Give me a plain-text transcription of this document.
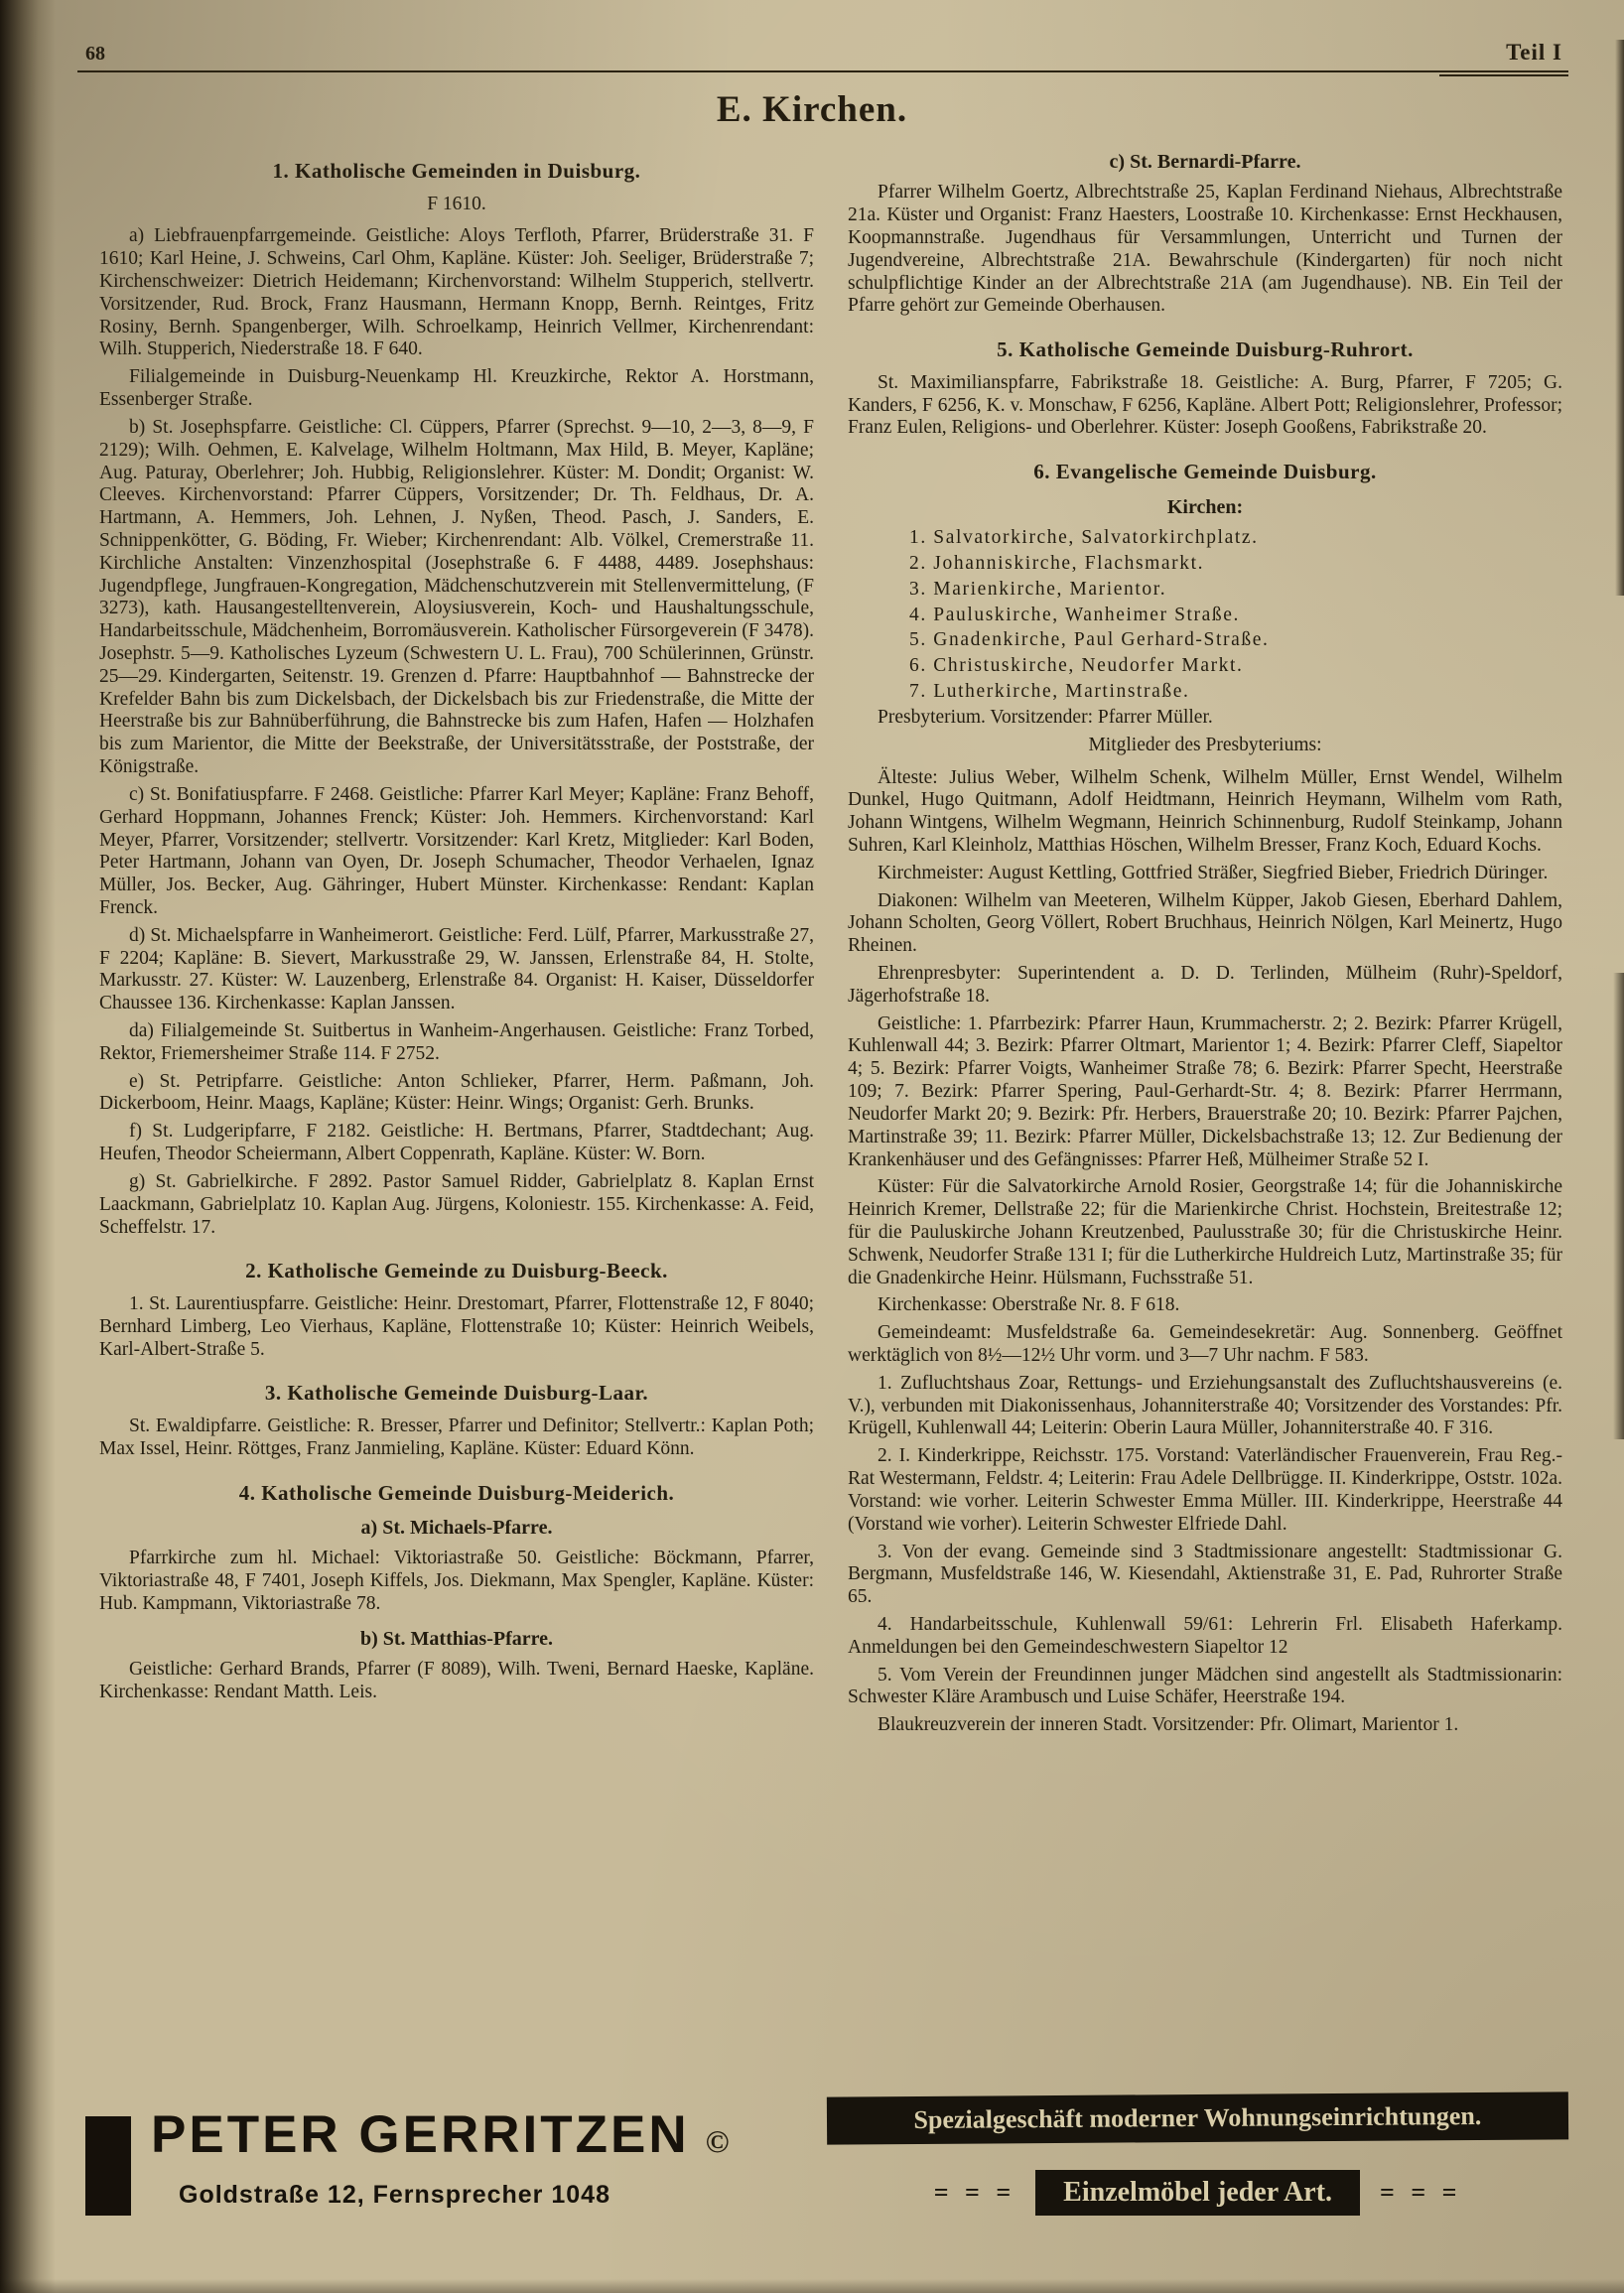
68	Teil I
E. Kirchen.
1. Katholische Gemeinden in Duisburg.
F 1610.
a) Liebfrauenpfarrgemeinde. Geistliche: Aloys Terfloth, Pfarrer, Brüderstraße 31. F 1610; Karl Heine, J. Schweins, Carl Ohm, Kapläne. Küster: Joh. Seeliger, Brüderstraße 7; Kirchenschweizer: Dietrich Heidemann; Kirchenvorstand: Wilhelm Stupperich, stellvertr. Vorsitzender, Rud. Brock, Franz Hausmann, Hermann Knopp, Bernh. Reintges, Fritz Rosiny, Bernh. Spangenberger, Wilh. Schroelkamp, Heinrich Vellmer, Kirchenrendant: Wilh. Stupperich, Niederstraße 18. F 640.
Filialgemeinde in Duisburg-Neuenkamp Hl. Kreuzkirche, Rektor A. Horstmann, Essenberger Straße.
b) St. Josephspfarre. Geistliche: Cl. Cüppers, Pfarrer (Sprechst. 9—10, 2—3, 8—9, F 2129); Wilh. Oehmen, E. Kalvelage, Wilhelm Holtmann, Max Hild, B. Meyer, Kapläne; Aug. Paturay, Oberlehrer; Joh. Hubbig, Religionslehrer. Küster: M. Dondit; Organist: W. Cleeves. Kirchenvorstand: Pfarrer Cüppers, Vorsitzender; Dr. Th. Feldhaus, Dr. A. Hartmann, A. Hemmers, Joh. Lehnen, J. Nyßen, Theod. Pasch, J. Sanders, E. Schnippenkötter, G. Böding, Fr. Wieber; Kirchenrendant: Alb. Völkel, Cremerstraße 11. Kirchliche Anstalten: Vinzenzhospital (Josephstraße 6. F 4488, 4489. Josephshaus: Jugendpflege, Jungfrauen-Kongregation, Mädchenschutzverein mit Stellenvermittelung, (F 3273), kath. Hausangestelltenverein, Aloysiusverein, Koch- und Haushaltungsschule, Handarbeitsschule, Mädchenheim, Borromäusverein. Katholischer Fürsorgeverein (F 3478). Josephstr. 5—9. Katholisches Lyzeum (Schwestern U. L. Frau), 700 Schülerinnen, Grünstr. 25—29. Kindergarten, Seitenstr. 19. Grenzen d. Pfarre: Hauptbahnhof — Bahnstrecke der Krefelder Bahn bis zum Dickelsbach, der Dickelsbach bis zur Friedenstraße, die Mitte der Heerstraße bis zur Bahnüberführung, die Bahnstrecke bis zum Hafen, Hafen — Holzhafen bis zum Marientor, die Mitte der Beekstraße, der Universitätsstraße, der Poststraße, der Königstraße.
c) St. Bonifatiuspfarre. F 2468. Geistliche: Pfarrer Karl Meyer; Kapläne: Franz Behoff, Gerhard Hoppmann, Johannes Frenck; Küster: Joh. Hemmers. Kirchenvorstand: Karl Meyer, Pfarrer, Vorsitzender; stellvertr. Vorsitzender: Karl Kretz, Mitglieder: Karl Boden, Peter Hartmann, Johann van Oyen, Dr. Joseph Schumacher, Theodor Verhaelen, Ignaz Müller, Jos. Becker, Aug. Gähringer, Hubert Münster. Kirchenkasse: Rendant: Kaplan Frenck.
d) St. Michaelspfarre in Wanheimerort. Geistliche: Ferd. Lülf, Pfarrer, Markusstraße 27, F 2204; Kapläne: B. Sievert, Markusstraße 29, W. Janssen, Erlenstraße 84, H. Stolte, Markusstr. 27. Küster: W. Lauzenberg, Erlenstraße 84. Organist: H. Kaiser, Düsseldorfer Chaussee 136. Kirchenkasse: Kaplan Janssen.
da) Filialgemeinde St. Suitbertus in Wanheim-Angerhausen. Geistliche: Franz Torbed, Rektor, Friemersheimer Straße 114. F 2752.
e) St. Petripfarre. Geistliche: Anton Schlieker, Pfarrer, Herm. Paßmann, Joh. Dickerboom, Heinr. Maags, Kapläne; Küster: Heinr. Wings; Organist: Gerh. Brunks.
f) St. Ludgeripfarre, F 2182. Geistliche: H. Bertmans, Pfarrer, Stadtdechant; Aug. Heufen, Theodor Scheiermann, Albert Coppenrath, Kapläne. Küster: W. Born.
g) St. Gabrielkirche. F 2892. Pastor Samuel Ridder, Gabrielplatz 8. Kaplan Ernst Laackmann, Gabrielplatz 10. Kaplan Aug. Jürgens, Koloniestr. 155. Kirchenkasse: A. Feid, Scheffelstr. 17.
2. Katholische Gemeinde zu Duisburg-Beeck.
1. St. Laurentiuspfarre. Geistliche: Heinr. Drestomart, Pfarrer, Flottenstraße 12, F 8040; Bernhard Limberg, Leo Vierhaus, Kapläne, Flottenstraße 10; Küster: Heinrich Weibels, Karl-Albert-Straße 5.
3. Katholische Gemeinde Duisburg-Laar.
St. Ewaldipfarre. Geistliche: R. Bresser, Pfarrer und Definitor; Stellvertr.: Kaplan Poth; Max Issel, Heinr. Röttges, Franz Janmieling, Kapläne. Küster: Eduard Könn.
4. Katholische Gemeinde Duisburg-Meiderich.
a) St. Michaels-Pfarre.
Pfarrkirche zum hl. Michael: Viktoriastraße 50. Geistliche: Böckmann, Pfarrer, Viktoriastraße 48, F 7401, Joseph Kiffels, Jos. Diekmann, Max Spengler, Kapläne. Küster: Hub. Kampmann, Viktoriastraße 78.
b) St. Matthias-Pfarre.
Geistliche: Gerhard Brands, Pfarrer (F 8089), Wilh. Tweni, Bernard Haeske, Kapläne. Kirchenkasse: Rendant Matth. Leis.
c) St. Bernardi-Pfarre.
Pfarrer Wilhelm Goertz, Albrechtstraße 25, Kaplan Ferdinand Niehaus, Albrechtstraße 21a. Küster und Organist: Franz Haesters, Loostraße 10. Kirchenkasse: Ernst Heckhausen, Koopmannstraße. Jugendhaus für Versammlungen, Unterricht und Turnen der Jugendvereine, Albrechtstraße 21A. Bewahrschule (Kindergarten) für noch nicht schulpflichtige Kinder an der Albrechtstraße 21A (am Jugendhause). NB. Ein Teil der Pfarre gehört zur Gemeinde Oberhausen.
5. Katholische Gemeinde Duisburg-Ruhrort.
St. Maximilianspfarre, Fabrikstraße 18. Geistliche: A. Burg, Pfarrer, F 7205; G. Kanders, F 6256, K. v. Monschaw, F 6256, Kapläne. Albert Pott; Religionslehrer, Professor; Franz Eulen, Religions- und Oberlehrer. Küster: Joseph Gooßens, Fabrikstraße 20.
6. Evangelische Gemeinde Duisburg.
Kirchen:
1. Salvatorkirche, Salvatorkirchplatz.
2. Johanniskirche, Flachsmarkt.
3. Marienkirche, Marientor.
4. Pauluskirche, Wanheimer Straße.
5. Gnadenkirche, Paul Gerhard-Straße.
6. Christuskirche, Neudorfer Markt.
7. Lutherkirche, Martinstraße.
Presbyterium. Vorsitzender: Pfarrer Müller.
Mitglieder des Presbyteriums:
Älteste: Julius Weber, Wilhelm Schenk, Wilhelm Müller, Ernst Wendel, Wilhelm Dunkel, Hugo Quitmann, Adolf Heidtmann, Heinrich Heymann, Wilhelm vom Rath, Johann Wintgens, Wilhelm Wegmann, Heinrich Schinnenburg, Rudolf Steinkamp, Johann Suhren, Karl Kleinholz, Matthias Höschen, Wilhelm Bresser, Franz Koch, Eduard Kochs.
Kirchmeister: August Kettling, Gottfried Sträßer, Siegfried Bieber, Friedrich Düringer.
Diakonen: Wilhelm van Meeteren, Wilhelm Küpper, Jakob Giesen, Eberhard Dahlem, Johann Scholten, Georg Völlert, Robert Bruchhaus, Heinrich Nölgen, Karl Meinertz, Hugo Rheinen.
Ehrenpresbyter: Superintendent a. D. D. Terlinden, Mülheim (Ruhr)-Speldorf, Jägerhofstraße 18.
Geistliche: 1. Pfarrbezirk: Pfarrer Haun, Krummacherstr. 2; 2. Bezirk: Pfarrer Krügell, Kuhlenwall 44; 3. Bezirk: Pfarrer Oltmart, Marientor 1; 4. Bezirk: Pfarrer Cleff, Siapeltor 4; 5. Bezirk: Pfarrer Voigts, Wanheimer Straße 78; 6. Bezirk: Pfarrer Specht, Heerstraße 109; 7. Bezirk: Pfarrer Spering, Paul-Gerhardt-Str. 4; 8. Bezirk: Pfarrer Herrmann, Neudorfer Markt 20; 9. Bezirk: Pfr. Herbers, Brauerstraße 20; 10. Bezirk: Pfarrer Pajchen, Martinstraße 39; 11. Bezirk: Pfarrer Müller, Dickelsbachstraße 13; 12. Zur Bedienung der Krankenhäuser und des Gefängnisses: Pfarrer Heß, Mülheimer Straße 52 I.
Küster: Für die Salvatorkirche Arnold Rosier, Georgstraße 14; für die Johanniskirche Heinrich Kremer, Dellstraße 22; für die Marienkirche Christ. Hochstein, Breitestraße 12; für die Pauluskirche Johann Kreutzenbed, Paulusstraße 30; für die Christuskirche Heinr. Schwenk, Neudorfer Straße 131 I; für die Lutherkirche Huldreich Lutz, Martinstraße 35; für die Gnadenkirche Heinr. Hülsmann, Fuchsstraße 51.
Kirchenkasse: Oberstraße Nr. 8. F 618.
Gemeindeamt: Musfeldstraße 6a. Gemeindesekretär: Aug. Sonnenberg. Geöffnet werktäglich von 8½—12½ Uhr vorm. und 3—7 Uhr nachm. F 583.
1. Zufluchtshaus Zoar, Rettungs- und Erziehungsanstalt des Zufluchtshausvereins (e. V.), verbunden mit Diakonissenhaus, Johanniterstraße 40; Vorsitzender des Vorstandes: Pfr. Krügell, Kuhlenwall 44; Leiterin: Oberin Laura Müller, Johanniterstraße 40. F 316.
2. I. Kinderkrippe, Reichsstr. 175. Vorstand: Vaterländischer Frauenverein, Frau Reg.-Rat Westermann, Feldstr. 4; Leiterin: Frau Adele Dellbrügge. II. Kinderkrippe, Oststr. 102a. Vorstand: wie vorher. Leiterin Schwester Emma Müller. III. Kinderkrippe, Heerstraße 44 (Vorstand wie vorher). Leiterin Schwester Elfriede Dahl.
3. Von der evang. Gemeinde sind 3 Stadtmissionare angestellt: Stadtmissionar G. Bergmann, Musfeldstraße 146, W. Kiesendahl, Aktienstraße 31, E. Pad, Ruhrorter Straße 65.
4. Handarbeitsschule, Kuhlenwall 59/61: Lehrerin Frl. Elisabeth Haferkamp. Anmeldungen bei den Gemeindeschwestern Siapeltor 12
5. Vom Verein der Freundinnen junger Mädchen sind angestellt als Stadtmissionarin: Schwester Kläre Arambusch und Luise Schäfer, Heerstraße 194.
Blaukreuzverein der inneren Stadt. Vorsitzender: Pfr. Olimart, Marientor 1.
PETER GERRITZEN ©
Goldstraße 12, Fernsprecher 1048
Spezialgeschäft moderner Wohnungseinrichtungen.
= = =	Einzelmöbel jeder Art.	= = =
